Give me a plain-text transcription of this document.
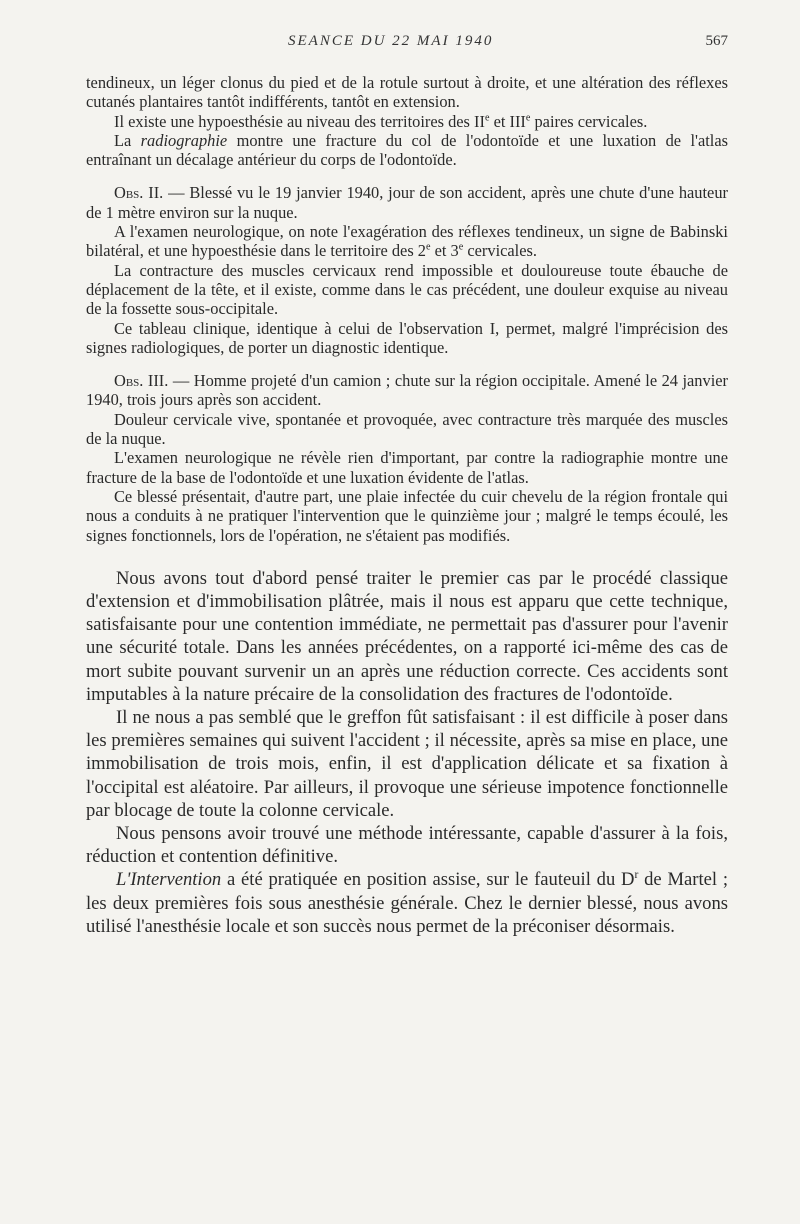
SEANCE DU 22 MAI 1940	567

tendineux, un léger clonus du pied et de la rotule surtout à droite, et une altération des réflexes cutanés plantaires tantôt indifférents, tantôt en extension.

Il existe une hypoesthésie au niveau des territoires des IIe et IIIe paires cervicales.

La radiographie montre une fracture du col de l'odontoïde et une luxation de l'atlas entraînant un décalage antérieur du corps de l'odontoïde.

Obs. II. — Blessé vu le 19 janvier 1940, jour de son accident, après une chute d'une hauteur de 1 mètre environ sur la nuque.

A l'examen neurologique, on note l'exagération des réflexes tendineux, un signe de Babinski bilatéral, et une hypoesthésie dans le territoire des 2e et 3e cervicales.

La contracture des muscles cervicaux rend impossible et douloureuse toute ébauche de déplacement de la tête, et il existe, comme dans le cas précédent, une douleur exquise au niveau de la fossette sous-occipitale.

Ce tableau clinique, identique à celui de l'observation I, permet, malgré l'imprécision des signes radiologiques, de porter un diagnostic identique.

Obs. III. — Homme projeté d'un camion ; chute sur la région occipitale. Amené le 24 janvier 1940, trois jours après son accident.

Douleur cervicale vive, spontanée et provoquée, avec contracture très marquée des muscles de la nuque.

L'examen neurologique ne révèle rien d'important, par contre la radiographie montre une fracture de la base de l'odontoïde et une luxation évidente de l'atlas.

Ce blessé présentait, d'autre part, une plaie infectée du cuir chevelu de la région frontale qui nous a conduits à ne pratiquer l'intervention que le quinzième jour ; malgré le temps écoulé, les signes fonctionnels, lors de l'opération, ne s'étaient pas modifiés.

Nous avons tout d'abord pensé traiter le premier cas par le procédé classique d'extension et d'immobilisation plâtrée, mais il nous est apparu que cette technique, satisfaisante pour une contention immédiate, ne permettait pas d'assurer pour l'avenir une sécurité totale. Dans les années précédentes, on a rapporté ici-même des cas de mort subite pouvant survenir un an après une réduction correcte. Ces accidents sont imputables à la nature précaire de la consolidation des fractures de l'odontoïde.

Il ne nous a pas semblé que le greffon fût satisfaisant : il est difficile à poser dans les premières semaines qui suivent l'accident ; il nécessite, après sa mise en place, une immobilisation de trois mois, enfin, il est d'application délicate et sa fixation à l'occipital est aléatoire. Par ailleurs, il provoque une sérieuse impotence fonctionnelle par blocage de toute la colonne cervicale.

Nous pensons avoir trouvé une méthode intéressante, capable d'assurer à la fois, réduction et contention définitive.

L'Intervention a été pratiquée en position assise, sur le fauteuil du $D^r$ de Martel ; les deux premières fois sous anesthésie générale. Chez le dernier blessé, nous avons utilisé l'anesthésie locale et son succès nous permet de la préconiser désormais.
